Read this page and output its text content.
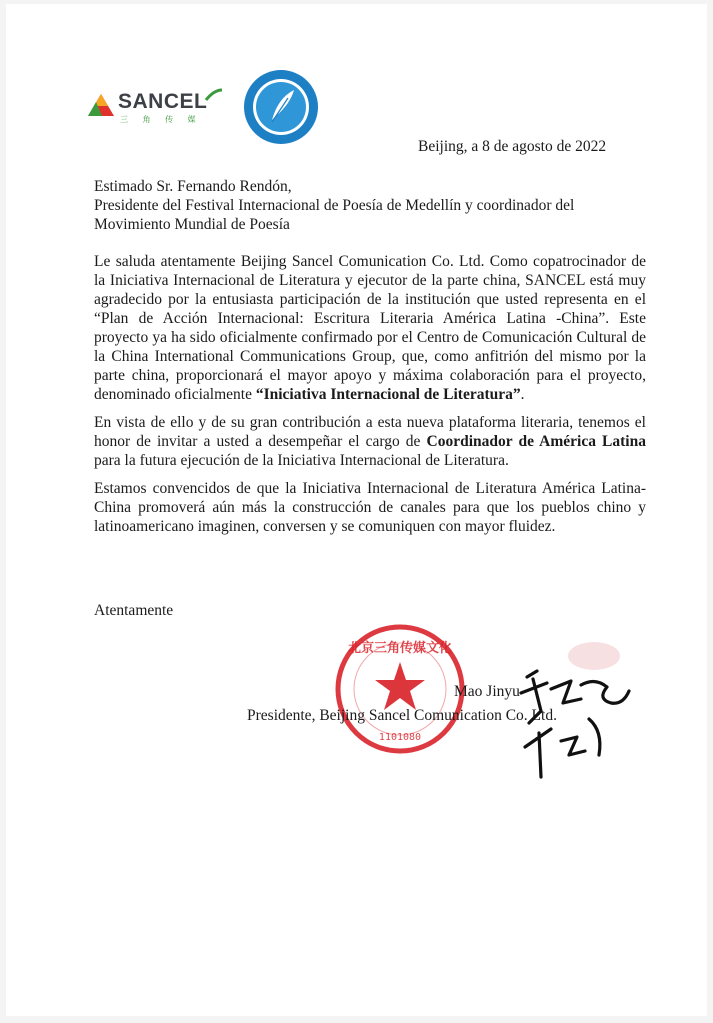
SANCEL
三 角 传 媒
Beijing, a 8 de agosto de 2022
Estimado Sr. Fernando Rendón,
Presidente del Festival Internacional de Poesía de Medellín y coordinador del Movimiento Mundial de Poesía

Le saluda atentamente Beijing Sancel Comunication Co. Ltd. Como copatrocinador de la Iniciativa Internacional de Literatura y ejecutor de la parte china, SANCEL está muy agradecido por la entusiasta participación de la institución que usted representa en el “Plan de Acción Internacional: Escritura Literaria América Latina -China”. Este proyecto ya ha sido oficialmente confirmado por el Centro de Comunicación Cultural de la China International Communications Group, que, como anfitrión del mismo por la parte china, proporcionará el mayor apoyo y máxima colaboración para el proyecto, denominado oficialmente “Iniciativa Internacional de Literatura”.

En vista de ello y de su gran contribución a esta nueva plataforma literaria, tenemos el honor de invitar a usted a desempeñar el cargo de Coordinador de América Latina para la futura ejecución de la Iniciativa Internacional de Literatura.

Estamos convencidos de que la Iniciativa Internacional de Literatura América Latina-China promoverá aún más la construcción de canales para que los pueblos chino y latinoamericano imaginen, conversen y se comuniquen con mayor fluidez.

Atentamente
北京三角传媒文化
1101080
Mao Jinyu
Presidente, Beijing Sancel Comunication Co. Ltd.
